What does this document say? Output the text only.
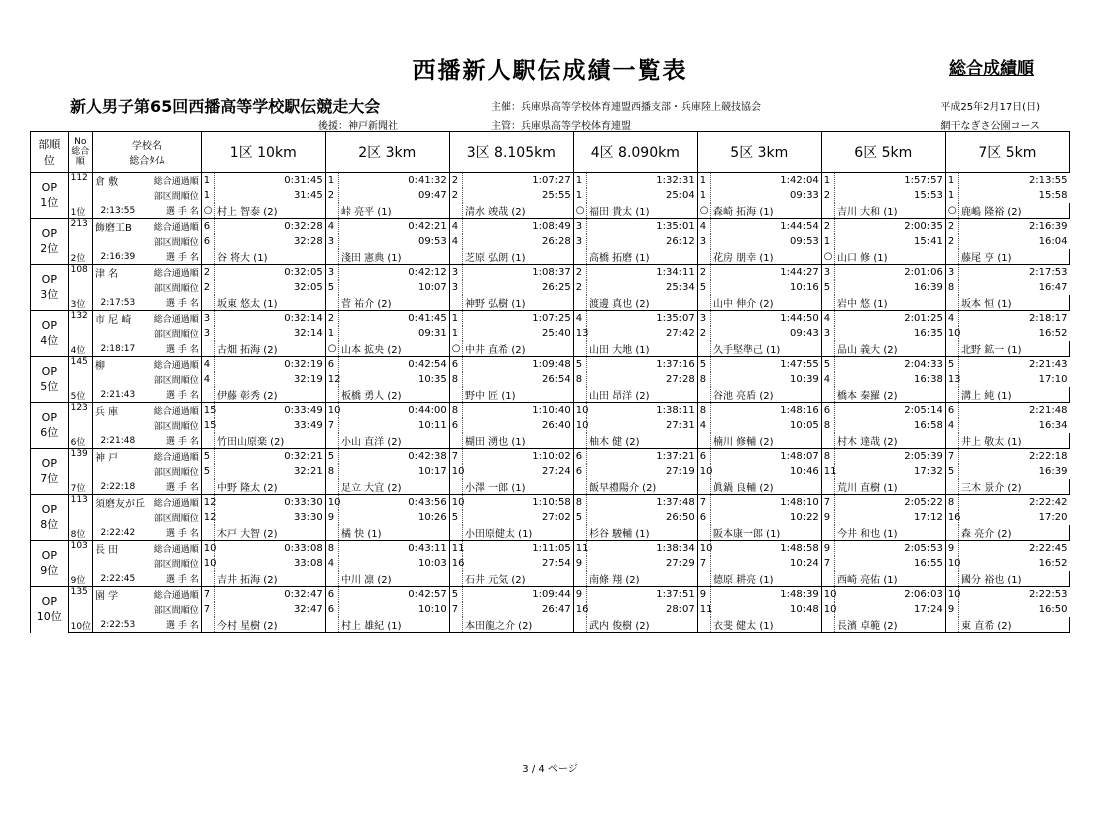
西播新人駅伝成績一覧表	総合成績順
新人男子第65回西播高等学校駅伝競走大会	主催：兵庫県高等学校体育連盟西播支部・兵庫陸上競技協会
主管：兵庫県高等学校体育連盟
後援：神戸新聞社
平成25年2月17日(日)
網干なぎさ公園コース
部順位	No総合順	学校名
総合ﾀｲﾑ		1区 10km		2区 3km		3区 8.105km		4区 8.090km		5区 3km		6区 5km		7区 5km	

OP
1位	112	倉 敷	総合通過順	1	0:31:45	1	0:41:32	2	1:07:27	1	1:32:31	1	1:42:04	1	1:57:57	1	2:13:55
			部区間順位	1	31:45	2	09:47	2	25:55	1	25:04	1	09:33	2	15:53	1	15:58
	1位	2:13:55	選 手 名	○	村上 智泰 (2)		峠 亮平 (1)		清水 竣哉 (2)	○	福田 貴太 (1)	○	森崎 拓海 (1)		吉川 大和 (1)	○	鹿嶋 隆裕 (2)

OP
2位	213	飾磨工B	総合通過順	6	0:32:28	4	0:42:21	4	1:08:49	3	1:35:01	4	1:44:54	2	2:00:35	2	2:16:39
			部区間順位	6	32:28	3	09:53	4	26:28	3	26:12	3	09:53	1	15:41	2	16:04
	2位	2:16:39	選 手 名		谷 将大 (1)		淺田 憲典 (1)		芝原 弘朗 (1)		高橋 拓磨 (1)		花房 朋幸 (1)	○	山口 修 (1)		藤尾 亨 (1)

OP
3位	108	津 名	総合通過順	2	0:32:05	3	0:42:12	3	1:08:37	2	1:34:11	2	1:44:27	3	2:01:06	3	2:17:53
			部区間順位	2	32:05	5	10:07	3	26:25	2	25:34	5	10:16	5	16:39	8	16:47
	3位	2:17:53	選 手 名		坂東 悠太 (1)		菅 祐介 (2)		神野 弘樹 (1)		渡邊 真也 (2)		山中 伸介 (2)		岩中 悠 (1)		坂本 恒 (1)

OP
4位	132	市 尼 崎	総合通過順	3	0:32:14	2	0:41:45	1	1:07:25	4	1:35:07	3	1:44:50	4	2:01:25	4	2:18:17
			部区間順位	3	32:14	1	09:31	1	25:40	13	27:42	2	09:43	3	16:35	10	16:52
	4位	2:18:17	選 手 名		古畑 拓海 (2)	○	山本 拡央 (2)	○	中井 直希 (2)		山田 大地 (1)		久手堅準己 (1)		品山 義大 (2)		北野 鉱一 (1)

OP
5位	145	柳	総合通過順	4	0:32:19	6	0:42:54	6	1:09:48	5	1:37:16	5	1:47:55	5	2:04:33	5	2:21:43
			部区間順位	4	32:19	12	10:35	8	26:54	8	27:28	8	10:39	4	16:38	13	17:10
	5位	2:21:43	選 手 名		伊藤 彰秀 (2)		板橋 勇人 (2)		野中 匠 (1)		山田 昂洋 (2)		谷池 亮盾 (2)		橋本 秦羅 (2)		溝上 純 (1)

OP
6位	123	兵 庫	総合通過順	15	0:33:49	10	0:44:00	8	1:10:40	10	1:38:11	8	1:48:16	6	2:05:14	6	2:21:48
			部区間順位	15	33:49	7	10:11	6	26:40	10	27:31	4	10:05	8	16:58	4	16:34
	6位	2:21:48	選 手 名		竹田山原楽 (2)		小山 直洋 (2)		楜田 湧也 (1)		柚木 健 (2)		楠川 修輔 (2)		村木 達哉 (2)		井上 敬太 (1)

OP
7位	139	神 戸	総合通過順	5	0:32:21	5	0:42:38	7	1:10:02	6	1:37:21	6	1:48:07	8	2:05:39	7	2:22:18
			部区間順位	5	32:21	8	10:17	10	27:24	6	27:19	10	10:46	11	17:32	5	16:39
	7位	2:22:18	選 手 名		中野 隆太 (2)		足立 大宜 (2)		小澤 一郎 (1)		飯早禮陽介 (2)		眞鍋 良輔 (2)		荒川 直樹 (1)		三木 景介 (2)

OP
8位	113	須磨友が丘	総合通過順	12	0:33:30	10	0:43:56	10	1:10:58	8	1:37:48	7	1:48:10	7	2:05:22	8	2:22:42
			部区間順位	12	33:30	9	10:26	5	27:02	5	26:50	6	10:22	9	17:12	16	17:20
	8位	2:22:42	選 手 名		木戸 大智 (2)		橘 快 (1)		小田原健太 (1)		杉谷 駿輔 (1)		阪本康一郎 (1)		今井 和也 (1)		森 亮介 (2)

OP
9位	103	長 田	総合通過順	10	0:33:08	8	0:43:11	11	1:11:05	11	1:38:34	10	1:48:58	9	2:05:53	9	2:22:45
			部区間順位	10	33:08	4	10:03	16	27:54	9	27:29	7	10:24	7	16:55	10	16:52
	9位	2:22:45	選 手 名		吉井 拓海 (2)		中川 凛 (2)		石井 元気 (2)		南條 翔 (2)		德原 耕亮 (1)		西崎 亮佑 (1)		國分 裕也 (1)

OP
10位	135	園 学	総合通過順	7	0:32:47	6	0:42:57	5	1:09:44	9	1:37:51	9	1:48:39	10	2:06:03	10	2:22:53
			部区間順位	7	32:47	6	10:10	7	26:47	16	28:07	11	10:48	10	17:24	9	16:50
	10位	2:22:53	選 手 名		今村 星樹 (2)		村上 雄紀 (1)		本田龍之介 (2)		武内 俊樹 (2)		衣斐 健太 (1)		長濱 卓範 (2)		東 直希 (2)
3 / 4 ページ
